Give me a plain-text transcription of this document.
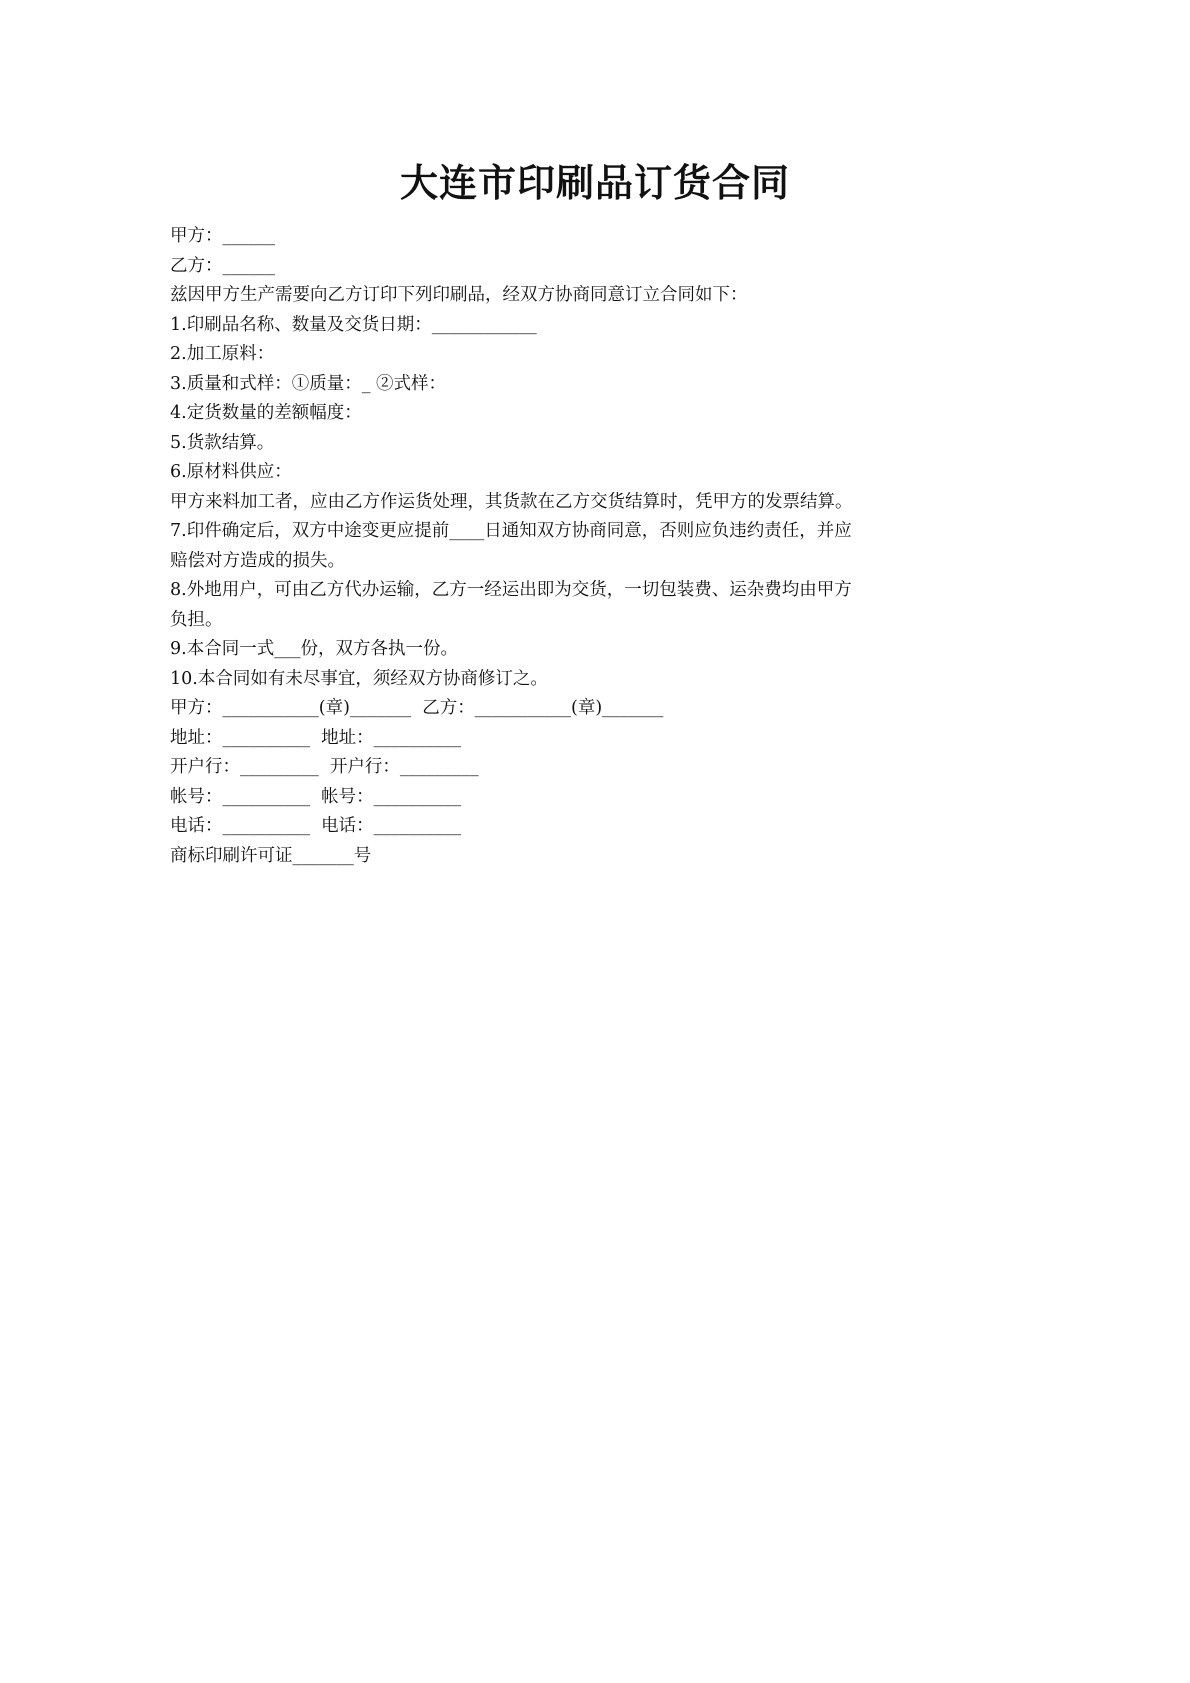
大连市印刷品订货合同
甲方：______
乙方：______
兹因甲方生产需要向乙方订印下列印刷品，经双方协商同意订立合同如下：
1.印刷品名称、数量及交货日期：____________
2.加工原料：
3.质量和式样：①质量：_ ②式样：
4.定货数量的差额幅度：
5.货款结算。
6.原材料供应：
甲方来料加工者，应由乙方作运货处理，其货款在乙方交货结算时，凭甲方的发票结算。
7.印件确定后，双方中途变更应提前____日通知双方协商同意，否则应负违约责任，并应
赔偿对方造成的损失。
8.外地用户，可由乙方代办运输，乙方一经运出即为交货，一切包装费、运杂费均由甲方
负担。
9.本合同一式___份，双方各执一份。
10.本合同如有未尽事宜，须经双方协商修订之。
甲方：___________(章)_______  乙方：___________(章)_______
地址：__________  地址：__________
开户行：_________  开户行：_________
帐号：__________  帐号：__________
电话：__________  电话：__________
商标印刷许可证_______号
